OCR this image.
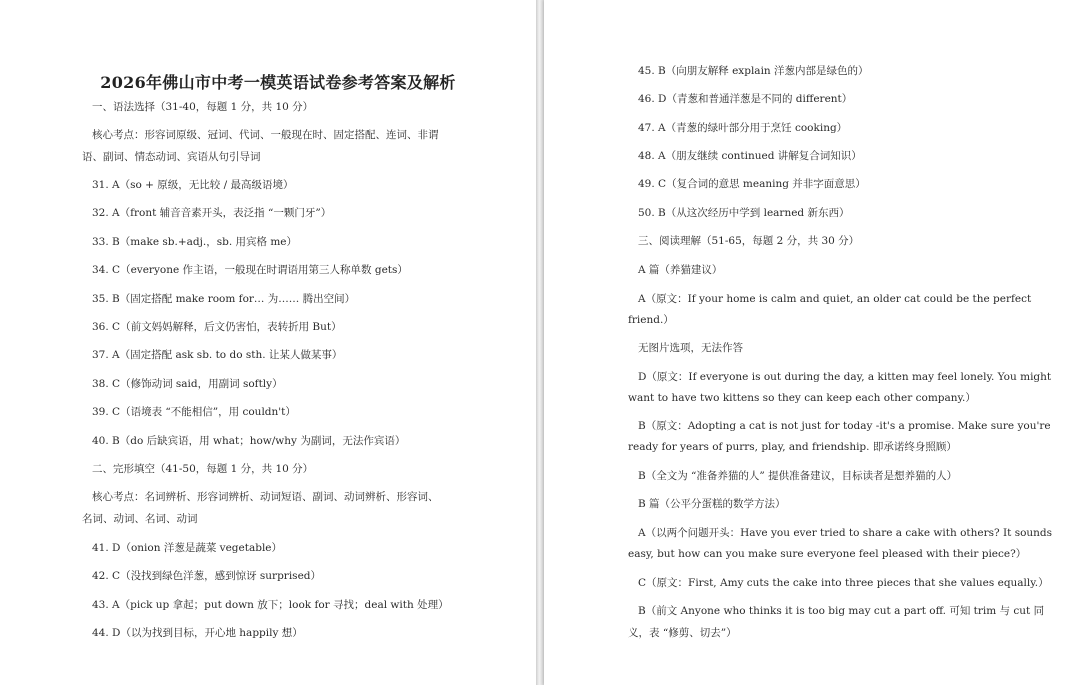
2026年佛山市中考一模英语试卷参考答案及解析
一、语法选择（31-40，每题 1 分，共 10 分）
核心考点：形容词原级、冠词、代词、一般现在时、固定搭配、连词、非谓
语、副词、情态动词、宾语从句引导词
31. A（so + 原级，无比较 / 最高级语境）
32. A（front 辅音音素开头，表泛指 “一颗门牙”）
33. B（make sb.+adj.，sb. 用宾格 me）
34. C（everyone 作主语，一般现在时谓语用第三人称单数 gets）
35. B（固定搭配 make room for… 为…… 腾出空间）
36. C（前文妈妈解释，后文仍害怕，表转折用 But）
37. A（固定搭配 ask sb. to do sth. 让某人做某事）
38. C（修饰动词 said，用副词 softly）
39. C（语境表 “不能相信”，用 couldn't）
40. B（do 后缺宾语，用 what；how/why 为副词，无法作宾语）
二、完形填空（41-50，每题 1 分，共 10 分）
核心考点：名词辨析、形容词辨析、动词短语、副词、动词辨析、形容词、
名词、动词、名词、动词
41. D（onion 洋葱是蔬菜 vegetable）
42. C（没找到绿色洋葱，感到惊讶 surprised）
43. A（pick up 拿起；put down 放下；look for 寻找；deal with 处理）
44. D（以为找到目标，开心地 happily 想）
45. B（向朋友解释 explain 洋葱内部是绿色的）
46. D（青葱和普通洋葱是不同的 different）
47. A（青葱的绿叶部分用于烹饪 cooking）
48. A（朋友继续 continued 讲解复合词知识）
49. C（复合词的意思 meaning 并非字面意思）
50. B（从这次经历中学到 learned 新东西）
三、阅读理解（51-65，每题 2 分，共 30 分）
A 篇（养猫建议）
A（原文：If your home is calm and quiet, an older cat could be the perfect
friend.）
无图片选项，无法作答
D（原文：If everyone is out during the day, a kitten may feel lonely. You might
want to have two kittens so they can keep each other company.）
B（原文：Adopting a cat is not just for today -it's a promise. Make sure you're
ready for years of purrs, play, and friendship. 即承诺终身照顾）
B（全文为 “准备养猫的人” 提供准备建议，目标读者是想养猫的人）
B 篇（公平分蛋糕的数学方法）
A（以两个问题开头：Have you ever tried to share a cake with others? It sounds
easy, but how can you make sure everyone feel pleased with their piece?）
C（原文：First, Amy cuts the cake into three pieces that she values equally.）
B（前文 Anyone who thinks it is too big may cut a part off. 可知 trim 与 cut 同
义，表 “修剪、切去”）
